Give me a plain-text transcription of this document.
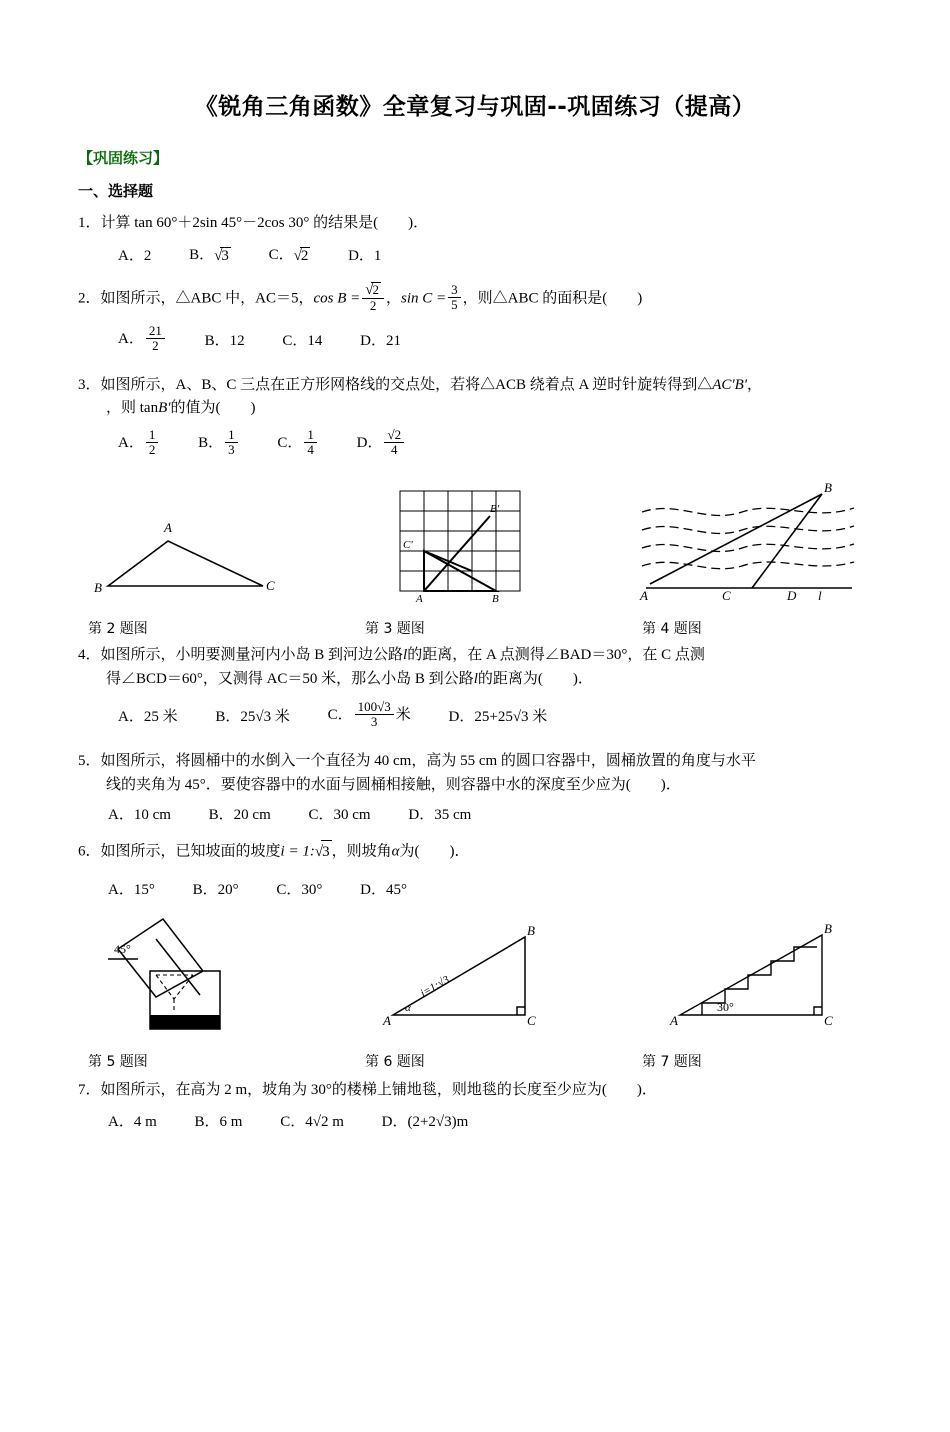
《锐角三角函数》全章复习与巩固--巩固练习（提高）
【巩固练习】
一、选择题
1．计算 tan 60°＋2sin 45°－2cos 30° 的结果是(　　)．
A．2	B．√3	C．√2	D．1
2．如图所示，△ABC 中，AC＝5，$\cos B = \frac{√2}{2}$ ，$\sin C = \frac{3}{5}$ ，则△ABC 的面积是(　　)
A． $\frac{21}{2}$	B．12	C．14	D．21
3．如图所示，A、B、C 三点在正方形网格线的交点处，若将△ACB 绕着点 A 逆时针旋转得到△AC'B'，
，则 tanB'的值为(　　)
A． $\frac{1}{2}$	B． $\frac{1}{3}$	C． $\frac{1}{4}$	D． $\frac{√2}{4}$
A
B	C
B'
C'
A	B
B
A	C	D l
第 2 题图	第 3 题图	第 4 题图
4．如图所示，小明要测量河内小岛 B 到河边公路l的距离，在 A 点测得∠BAD＝30°，在 C 点测
得∠BCD＝60°，又测得 AC＝50 米，那么小岛 B 到公路l的距离为(　　)．
A．25 米	B．25√3 米	C． $\frac{100√3}{3}$ 米	D．25+25√3 米
5．如图所示，将圆桶中的水倒入一个直径为 40 cm，高为 55 cm 的圆口容器中，圆桶放置的角度与水平
线的夹角为 45°．要使容器中的水面与圆桶相接触，则容器中水的深度至少应为(　　)．
A．10 cm	B．20 cm	C．30 cm	D．35 cm
6．如图所示，已知坡面的坡度i = 1:√3 ，则坡角α为(　　)．
A．15°	B．20°	C．30°	D．45°
45°
i=1:√3
α
B
A	C
30°
B
A	C
第 5 题图	第 6 题图	第 7 题图
7．如图所示，在高为 2 m，坡角为 30°的楼梯上铺地毯，则地毯的长度至少应为(　　)．
A．4 m	B．6 m	C．4√2 m	D．(2+2√3)m
